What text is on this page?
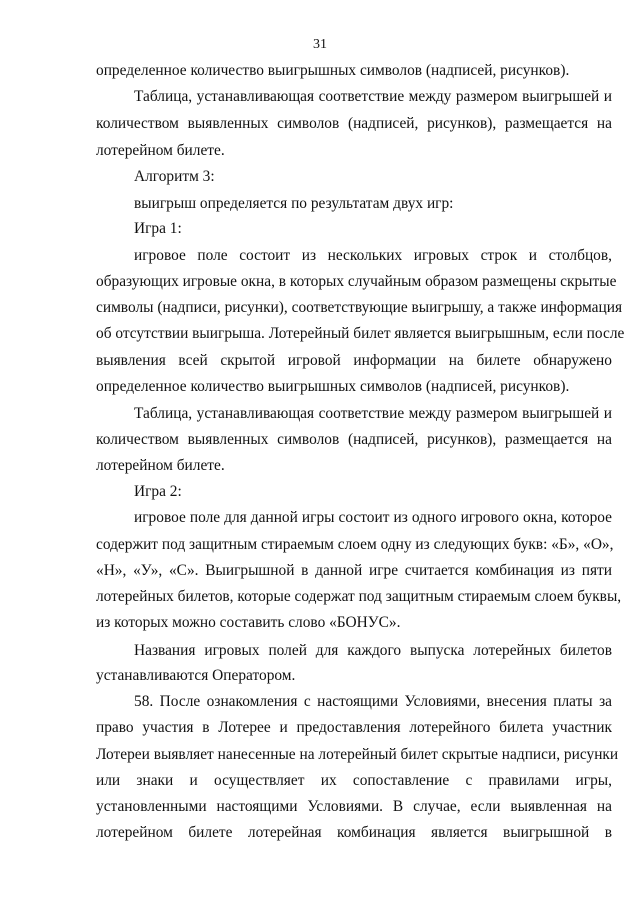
31
определенное количество выигрышных символов (надписей, рисунков).
Таблица, устанавливающая соответствие между размером выигрышей и
количеством выявленных символов (надписей, рисунков), размещается на
лотерейном билете.
Алгоритм 3:
выигрыш определяется по результатам двух игр:
Игра 1:
игровое поле состоит из нескольких игровых строк и столбцов,
образующих игровые окна, в которых случайным образом размещены скрытые
символы (надписи, рисунки), соответствующие выигрышу, а также информация
об отсутствии выигрыша. Лотерейный билет является выигрышным, если после
выявления всей скрытой игровой информации на билете обнаружено
определенное количество выигрышных символов (надписей, рисунков).
Таблица, устанавливающая соответствие между размером выигрышей и
количеством выявленных символов (надписей, рисунков), размещается на
лотерейном билете.
Игра 2:
игровое поле для данной игры состоит из одного игрового окна, которое
содержит под защитным стираемым слоем одну из следующих букв: «Б», «О»,
«Н», «У», «С». Выигрышной в данной игре считается комбинация из пяти
лотерейных билетов, которые содержат под защитным стираемым слоем буквы,
из которых можно составить слово «БОНУС».
Названия игровых полей для каждого выпуска лотерейных билетов
устанавливаются Оператором.
58. После ознакомления с настоящими Условиями, внесения платы за
право участия в Лотерее и предоставления лотерейного билета участник
Лотереи выявляет нанесенные на лотерейный билет скрытые надписи, рисунки
или знаки и осуществляет их сопоставление с правилами игры,
установленными настоящими Условиями. В случае, если выявленная на
лотерейном билете лотерейная комбинация является выигрышной в
